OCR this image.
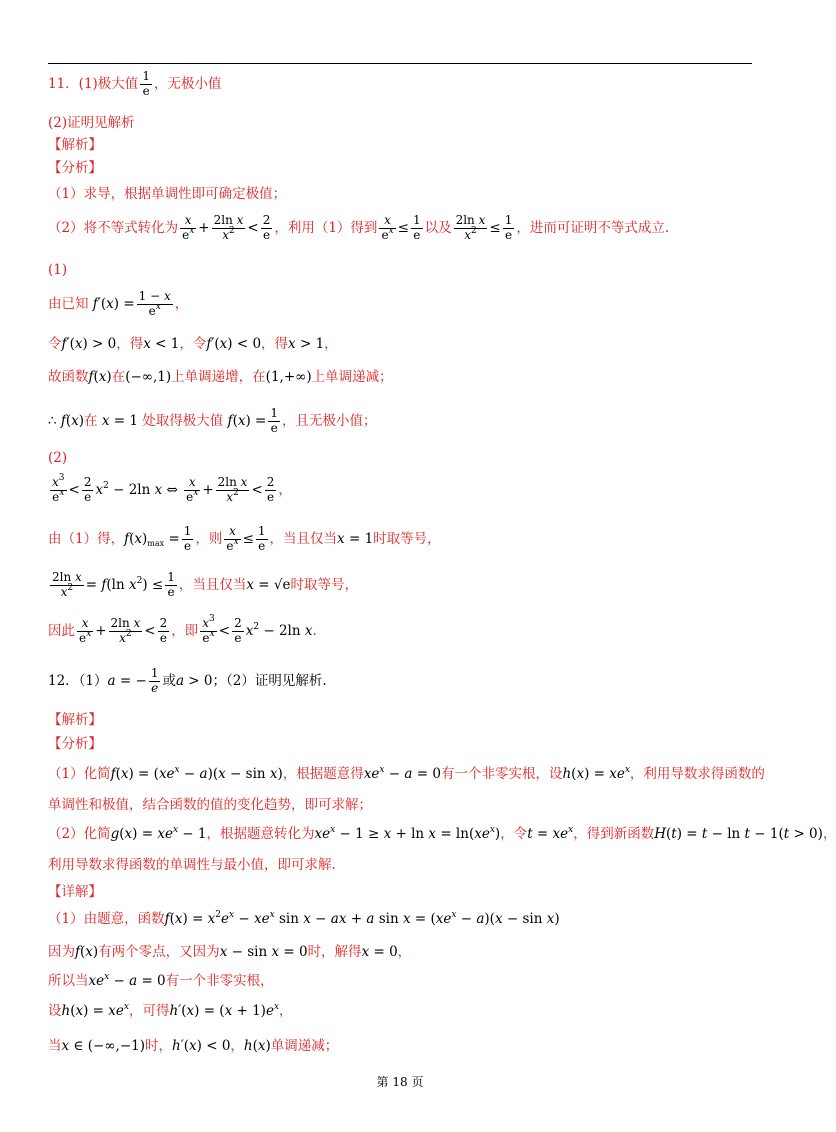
11．(1)极大值 $\frac{1}{e}$ ，无极小值
(2)证明见解析
【解析】
【分析】
（1）求导，根据单调性即可确定极值；
（2）将不等式转化为 $\frac{x}{e^x} + \frac{\text{2ln x}}{x^2} < \frac{2}{e}$ ，利用（1）得到 $\frac{x}{e^x} \le \frac{1}{e}$ 以及 $\frac{\text{2ln x}}{x^2} \le \frac{1}{e}$ ，进而可证明不等式成立.
(1)
由已知 $f'(x) = \frac{1 - x}{e^x}$ ，
令f′(x) > 0，得x < 1，令f′(x) < 0，得x > 1，
故函数f(x)在(−∞,1)上单调递增，在(1,+∞)上单调递减；
∴ f(x)在 x = 1 处取得极大值 $f(x) = \frac{1}{e}$ ，且无极小值；
(2)
$\frac{x^3}{e^x} < \frac{2}{e} x^2 - 2\ln$ x ⇔ $\frac{x}{e^x} + \frac{\text{2ln x}}{x^2} < \frac{2}{e}$ ，
由（1）得，$f(x)_{max} = \frac{1}{e}$ ，则 $\frac{x}{e^x} \le \frac{1}{e}$ ，当且仅当x = 1时取等号，
$\frac{\text{2ln x}}{x^2} = f(\ln$ $x^2) \le \frac{1}{e}$ ，当且仅当x = √e时取等号，
因此 $\frac{x}{e^x} + \frac{\text{2ln x}}{x^2} < \frac{2}{e}$ ，即 $\frac{x^3}{e^x} < \frac{2}{e} x^2 - 2\ln$ x.
12．（1）a = − $\frac{1}{e}$ 或a > 0；（2）证明见解析.
【解析】
【分析】
（1）化简$f(x) = (xe^x - a)(x - \sin x)$，根据题意得$xe^x - a = 0$有一个非零实根，设$h(x) = xe^x$，利用导数求得函数的
单调性和极值，结合函数的值的变化趋势，即可求解；
（2）化简$g(x) = xe^x - 1$，根据题意转化为$xe^x - 1 \ge x + \ln x = \ln(xe^x)$，令$t = xe^x$，得到新函数H(t) = t − ln t − 1(t > 0)，
利用导数求得函数的单调性与最小值，即可求解.
【详解】
（1）由题意，函数$f(x) = x^2e^x - xe^x$ sin x − ax + a $\sin x = (xe^x - a)(x - \sin x)$
因为f(x)有两个零点，又因为x − sin x = 0时，解得x = 0，
所以当$xe^x - a = 0$有一个非零实根，
设$h(x) = xe^x$，可得$h'(x) = (x + 1)e^x$，
当x ∈ (−∞,−1)时，h′(x) < 0，h(x)单调递减；
第 18 页
